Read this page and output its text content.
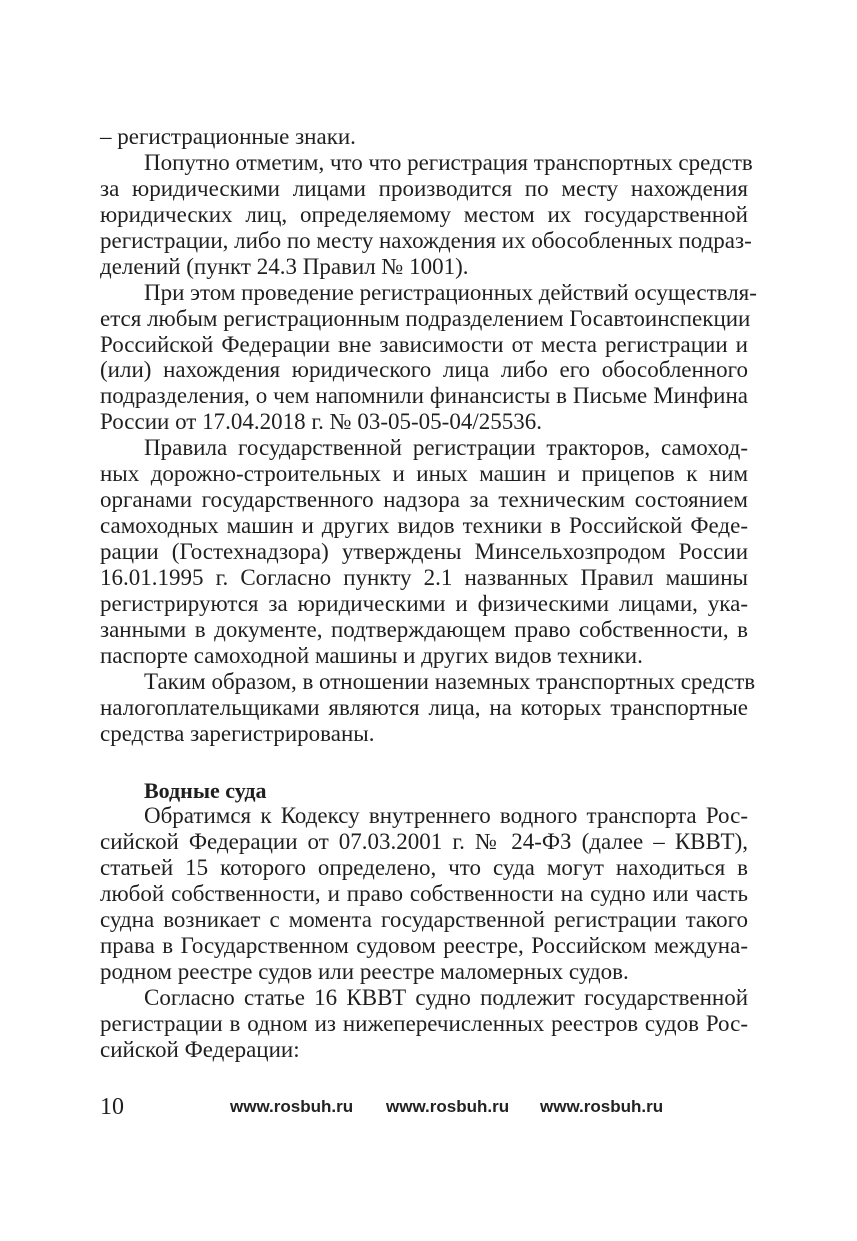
– регистрационные знаки.
Попутно отметим, что что регистрация транспортных средств
за юридическими лицами производится по месту нахождения
юридических лиц, определяемому местом их государственной
регистрации, либо по месту нахождения их обособленных подраз-
делений (пункт 24.3 Правил № 1001).
При этом проведение регистрационных действий осуществля-
ется любым регистрационным подразделением Госавтоинспекции
Российской Федерации вне зависимости от места регистрации и
(или) нахождения юридического лица либо его обособленного
подразделения, о чем напомнили финансисты в Письме Минфина
России от 17.04.2018 г. № 03-05-05-04/25536.
Правила государственной регистрации тракторов, самоход-
ных дорожно-строительных и иных машин и прицепов к ним
органами государственного надзора за техническим состоянием
самоходных машин и других видов техники в Российской Феде-
рации (Гостехнадзора) утверждены Минсельхозпродом России
16.01.1995 г. Согласно пункту 2.1 названных Правил машины
регистрируются за юридическими и физическими лицами, ука-
занными в документе, подтверждающем право собственности, в
паспорте самоходной машины и других видов техники.
Таким образом, в отношении наземных транспортных средств
налогоплательщиками являются лица, на которых транспортные
средства зарегистрированы.
Водные суда
Обратимся к Кодексу внутреннего водного транспорта Рос-
сийской Федерации от 07.03.2001 г. № 24-ФЗ (далее – КВВТ),
статьей 15 которого определено, что суда могут находиться в
любой собственности, и право собственности на судно или часть
судна возникает с момента государственной регистрации такого
права в Государственном судовом реестре, Российском междуна-
родном реестре судов или реестре маломерных судов.
Согласно статье 16 КВВТ судно подлежит государственной
регистрации в одном из нижеперечисленных реестров судов Рос-
сийской Федерации:
10	www.rosbuh.ru www.rosbuh.ru www.rosbuh.ru
